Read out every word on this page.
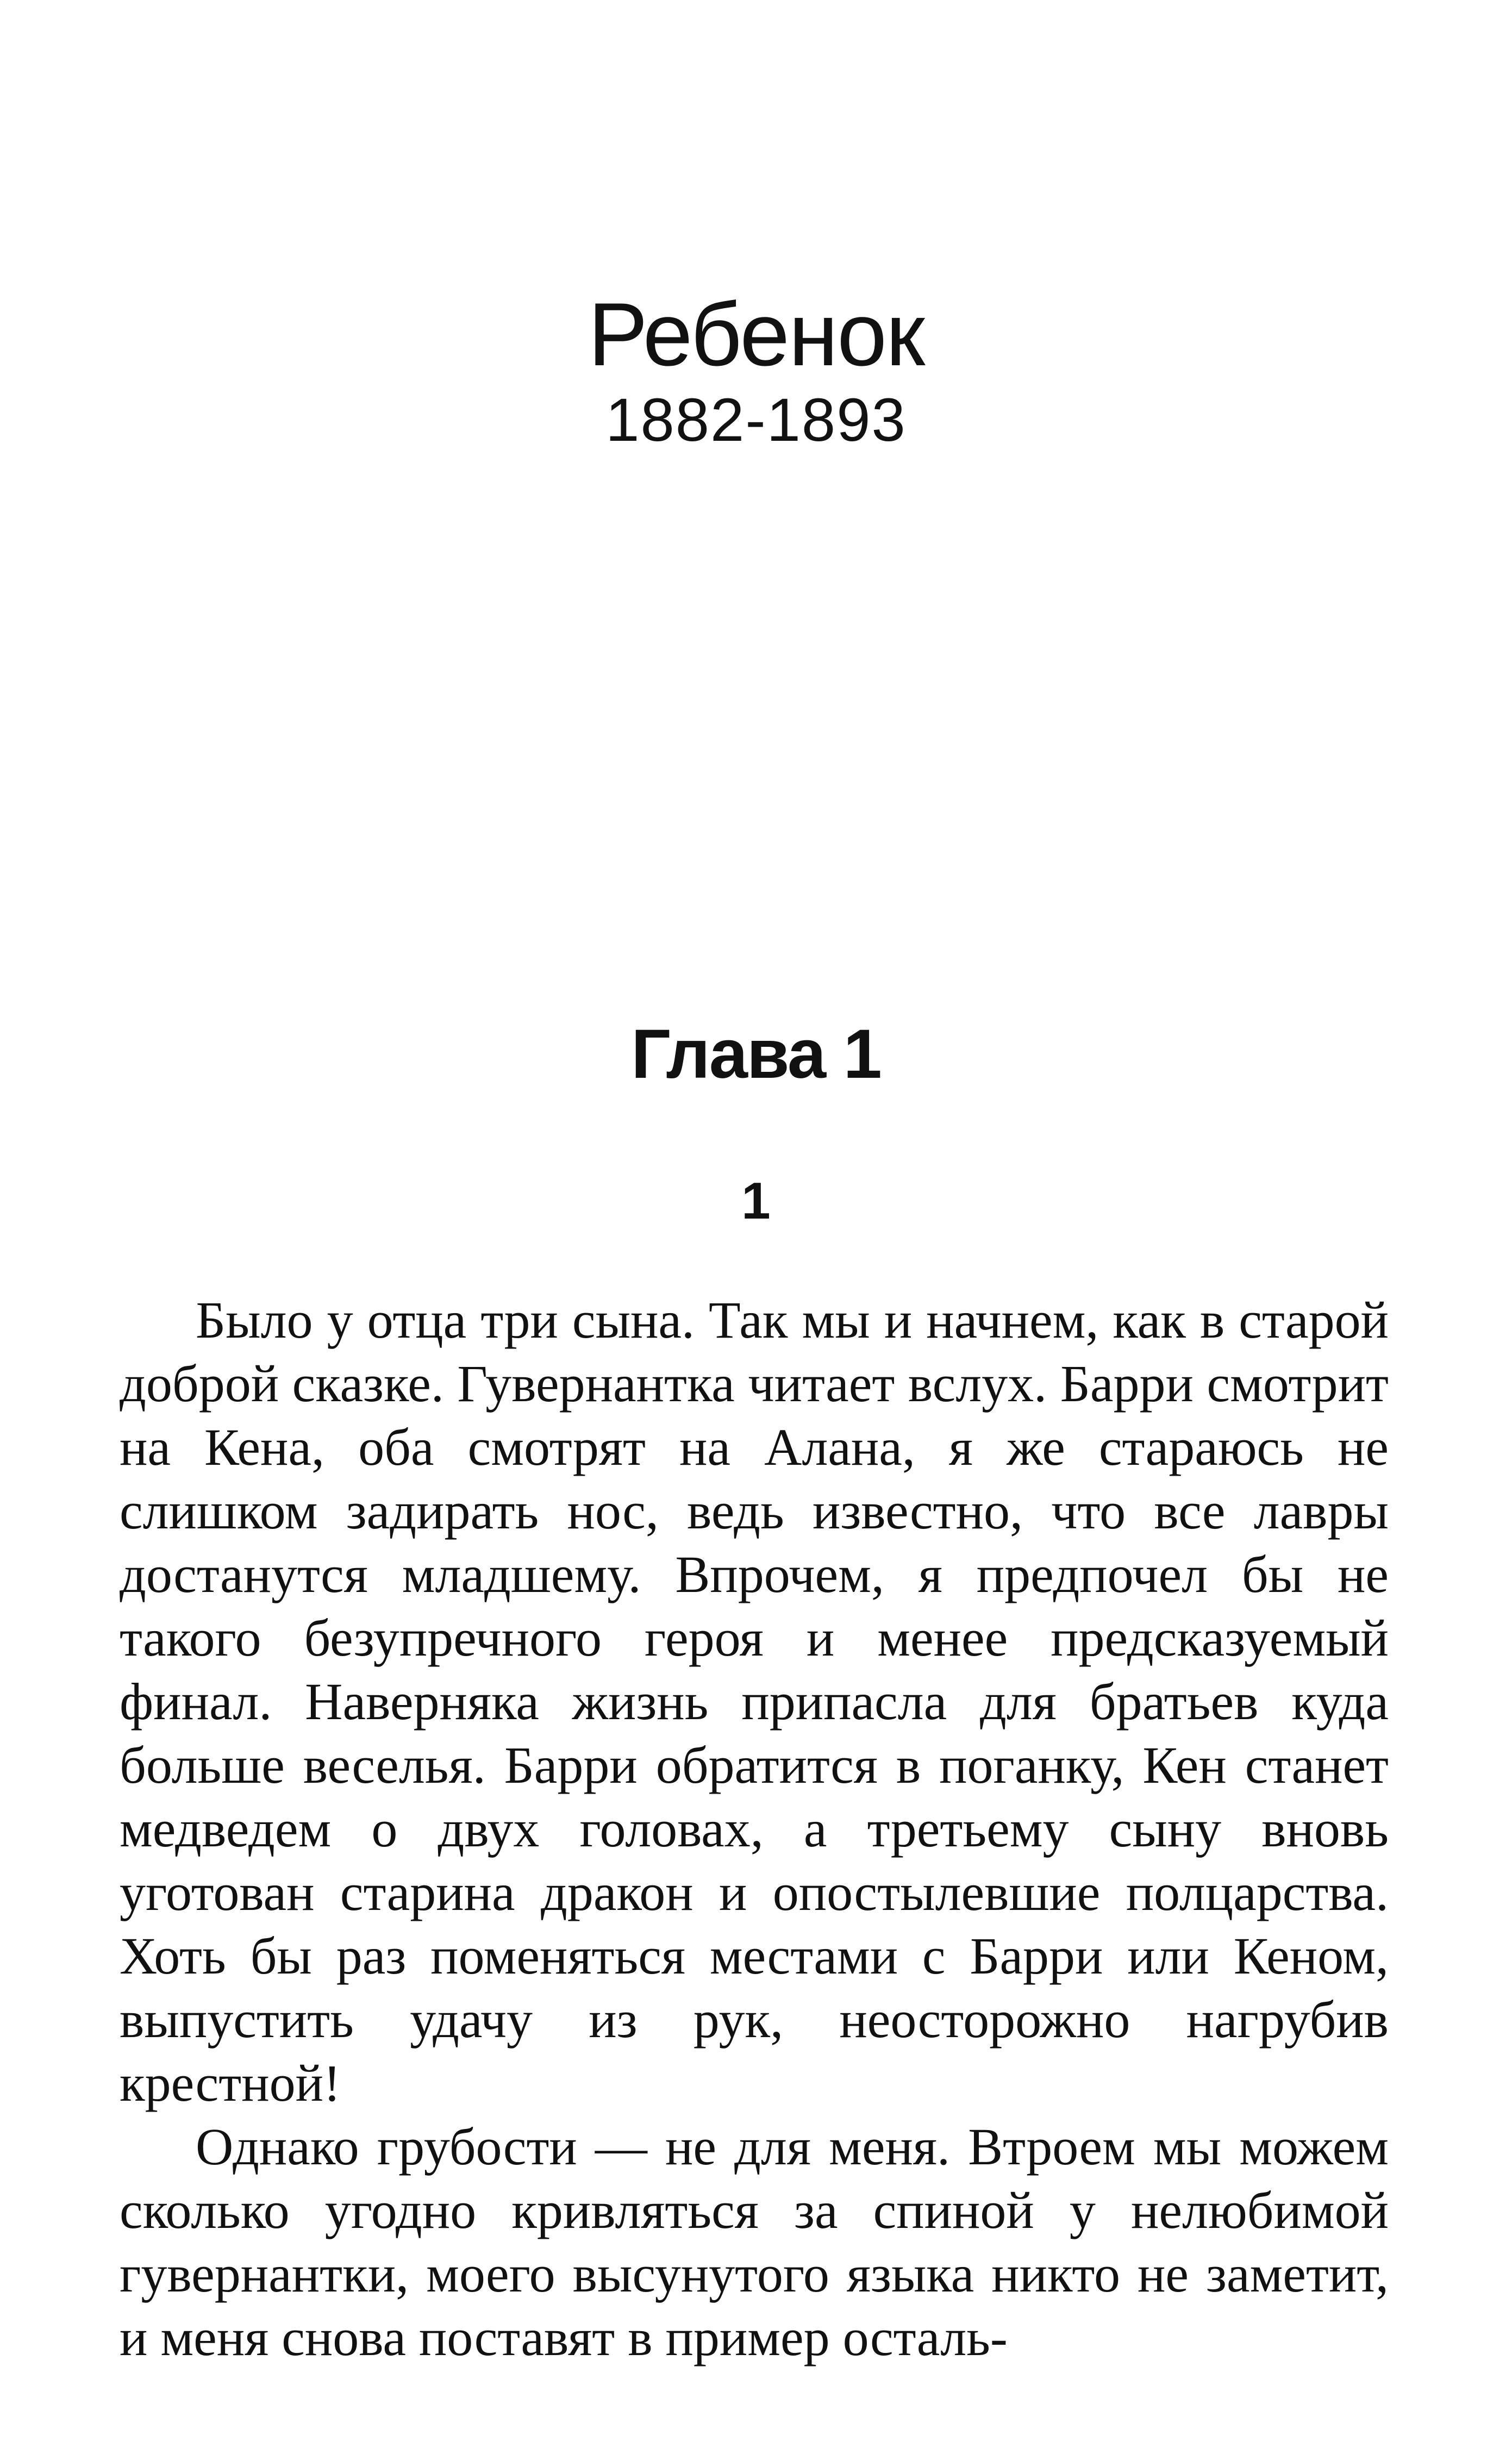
Ребенок
1882-1893
Глава 1
1

Было у отца три сына. Так мы и начнем, как в старой доброй сказке. Гувернантка читает вслух. Барри смотрит на Кена, оба смотрят на Алана, я же стараюсь не слишком задирать нос, ведь известно, что все лавры достанутся младшему. Впрочем, я предпочел бы не такого безупречного героя и менее предсказуемый финал. Наверняка жизнь припасла для братьев куда больше веселья. Барри обратится в поганку, Кен станет медведем о двух головах, а третьему сыну вновь уготован старина дракон и опостылевшие полцарства. Хоть бы раз поменяться местами с Барри или Кеном, выпустить удачу из рук, неосторожно нагрубив крестной!

Однако грубости — не для меня. Втроем мы можем сколько угодно кривляться за спиной у нелюбимой гувернантки, моего высунутого языка никто не заметит, и меня снова поставят в пример осталь-
